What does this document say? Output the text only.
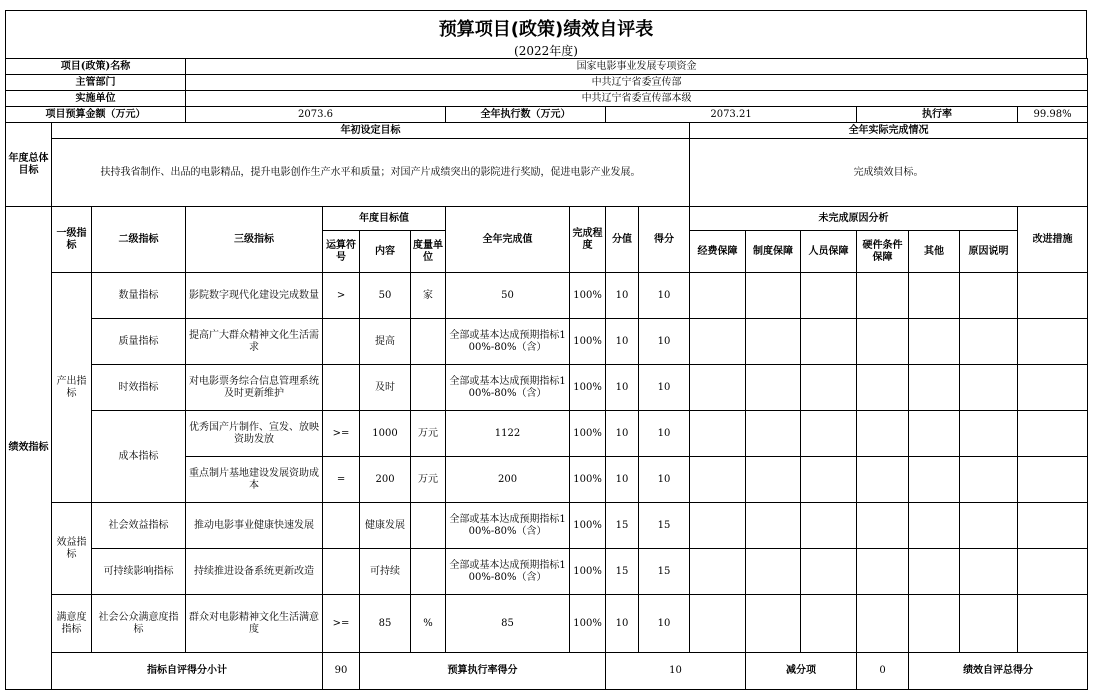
预算项目(政策)绩效自评表
(2022年度)
项目(政策)名称			国家电影事业发展专项资金															
主管部门			中共辽宁省委宣传部															
实施单位			中共辽宁省委宣传部本级															
项目预算金额（万元）			2073.6				全年执行数（万元）		2073.21					执行率			99.98%	
年度总体目标	年初设定目标										全年实际完成情况							
	扶持我省制作、出品的电影精品，提升电影创作生产水平和质量；对国产片成绩突出的影院进行奖励，促进电影产业发展。										完成绩效目标。							
绩效指标	一级指标	二级指标	三级指标	年度目标值			全年完成值	完成程度	分值	得分	未完成原因分析						改进措施	
				运算符号	内容	度量单位					经费保障	制度保障	人员保障	硬件条件保障	其他	原因说明		
	产出指标	数量指标	影院数字现代化建设完成数量	>	50	家	50	100%	10	10								
		质量指标	提高广大群众精神文化生活需求		提高		全部或基本达成预期指标100%-80%（含）	100%	10	10								
		时效指标	对电影票务综合信息管理系统及时更新维护		及时		全部或基本达成预期指标100%-80%（含）	100%	10	10								
		成本指标	优秀国产片制作、宣发、放映资助发放	>=	1000	万元	1122	100%	10	10								
			重点制片基地建设发展资助成本	=	200	万元	200	100%	10	10								
	效益指标	社会效益指标	推动电影事业健康快速发展		健康发展		全部或基本达成预期指标100%-80%（含）	100%	15	15								
		可持续影响指标	持续推进设备系统更新改造		可持续		全部或基本达成预期指标100%-80%（含）	100%	15	15								
	满意度指标	社会公众满意度指标	群众对电影精神文化生活满意度	>=	85	%	85	100%	10	10								
	指标自评得分小计			90	预算执行率得分				10			减分项		0	绩效自评总得分	
